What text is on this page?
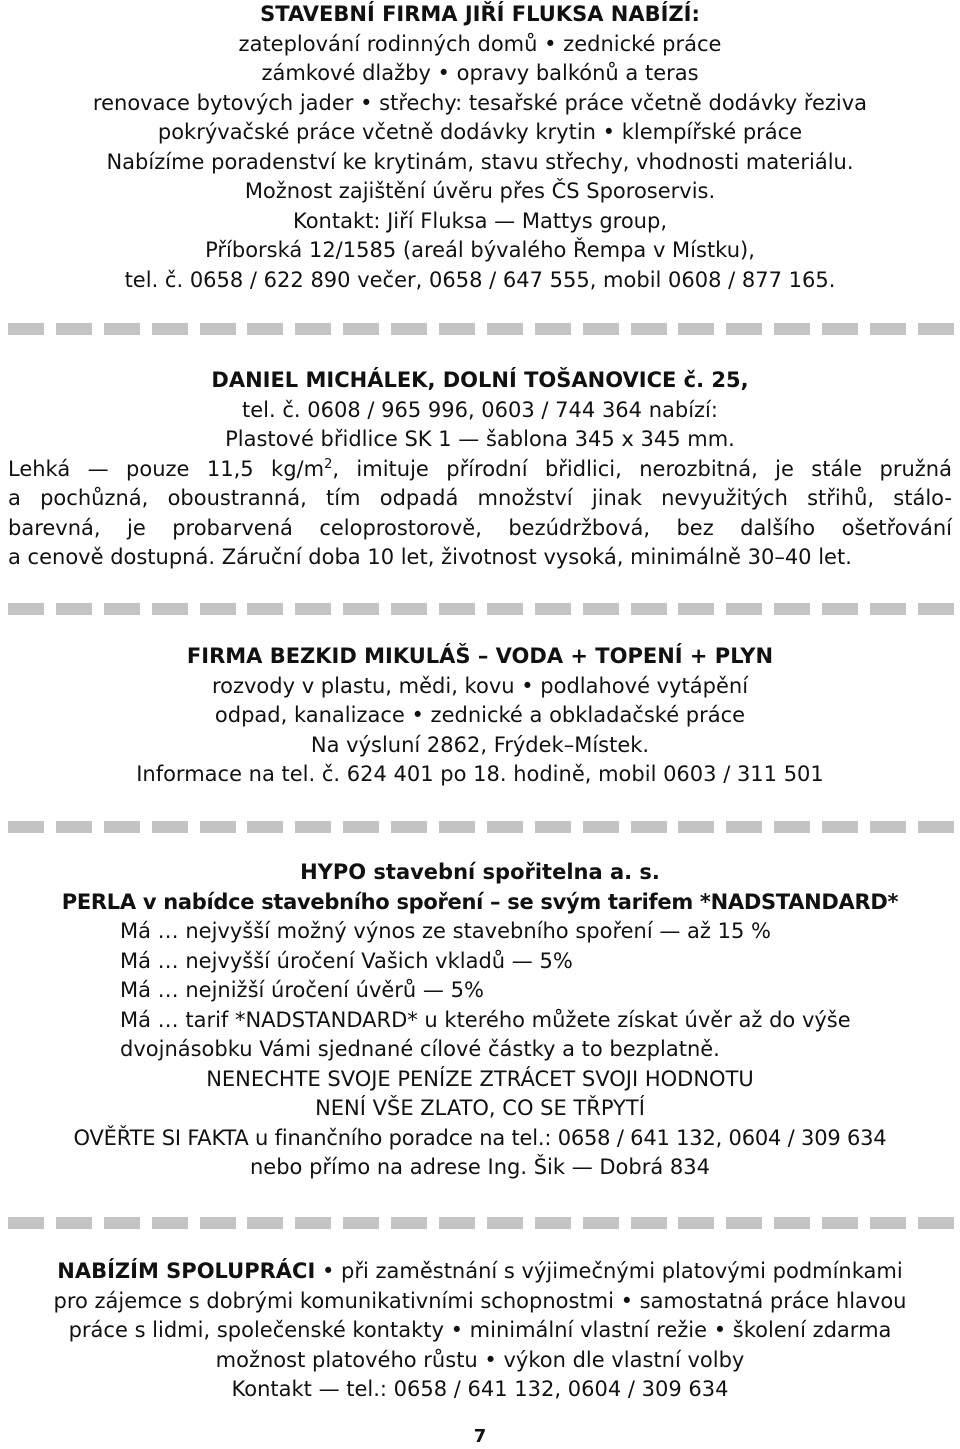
STAVEBNÍ FIRMA JIŘÍ FLUKSA NABÍZÍ:
zateplování rodinných domů • zednické práce
zámkové dlažby • opravy balkónů a teras
renovace bytových jader • střechy: tesařské práce včetně dodávky řeziva
pokrývačské práce včetně dodávky krytin • klempířské práce
Nabízíme poradenství ke krytinám, stavu střechy, vhodnosti materiálu.
Možnost zajištění úvěru přes ČS Sporoservis.
Kontakt: Jiří Fluksa — Mattys group,
Příborská 12/1585 (areál bývalého Řempa v Místku),
tel. č. 0658 / 622 890 večer, 0658 / 647 555, mobil 0608 / 877 165.
DANIEL MICHÁLEK, DOLNÍ TOŠANOVICE č. 25,
tel. č. 0608 / 965 996, 0603 / 744 364 nabízí:
Plastové břidlice SK 1 — šablona 345 x 345 mm.
Lehká — pouze 11,5 $kg/m^2$, imituje přírodní břidlici, nerozbitná, je stále pružná
a pochůzná, oboustranná, tím odpadá množství jinak nevyužitých střihů, stálo-
barevná, je probarvená celoprostorově, bezúdržbová, bez dalšího ošetřování
a cenově dostupná. Záruční doba 10 let, životnost vysoká, minimálně 30–40 let.
FIRMA BEZKID MIKULÁŠ – VODA + TOPENÍ + PLYN
rozvody v plastu, mědi, kovu • podlahové vytápění
odpad, kanalizace • zednické a obkladačské práce
Na výsluní 2862, Frýdek–Místek.
Informace na tel. č. 624 401 po 18. hodině, mobil 0603 / 311 501
HYPO stavební spořitelna a. s.
PERLA v nabídce stavebního spoření – se svým tarifem *NADSTANDARD*
Má … nejvyšší možný výnos ze stavebního spoření — až 15 %
Má … nejvyšší úročení Vašich vkladů — 5%
Má … nejnižší úročení úvěrů — 5%
Má … tarif *NADSTANDARD* u kterého můžete získat úvěr až do výše
dvojnásobku Vámi sjednané cílové částky a to bezplatně.
NENECHTE SVOJE PENÍZE ZTRÁCET SVOJI HODNOTU
NENÍ VŠE ZLATO, CO SE TŘPYTÍ
OVĚŘTE SI FAKTA u finančního poradce na tel.: 0658 / 641 132, 0604 / 309 634
nebo přímo na adrese Ing. Šik — Dobrá 834
NABÍZÍM SPOLUPRÁCI • při zaměstnání s výjimečnými platovými podmínkami
pro zájemce s dobrými komunikativními schopnostmi • samostatná práce hlavou
práce s lidmi, společenské kontakty • minimální vlastní režie • školení zdarma
možnost platového růstu • výkon dle vlastní volby
Kontakt — tel.: 0658 / 641 132, 0604 / 309 634
7
